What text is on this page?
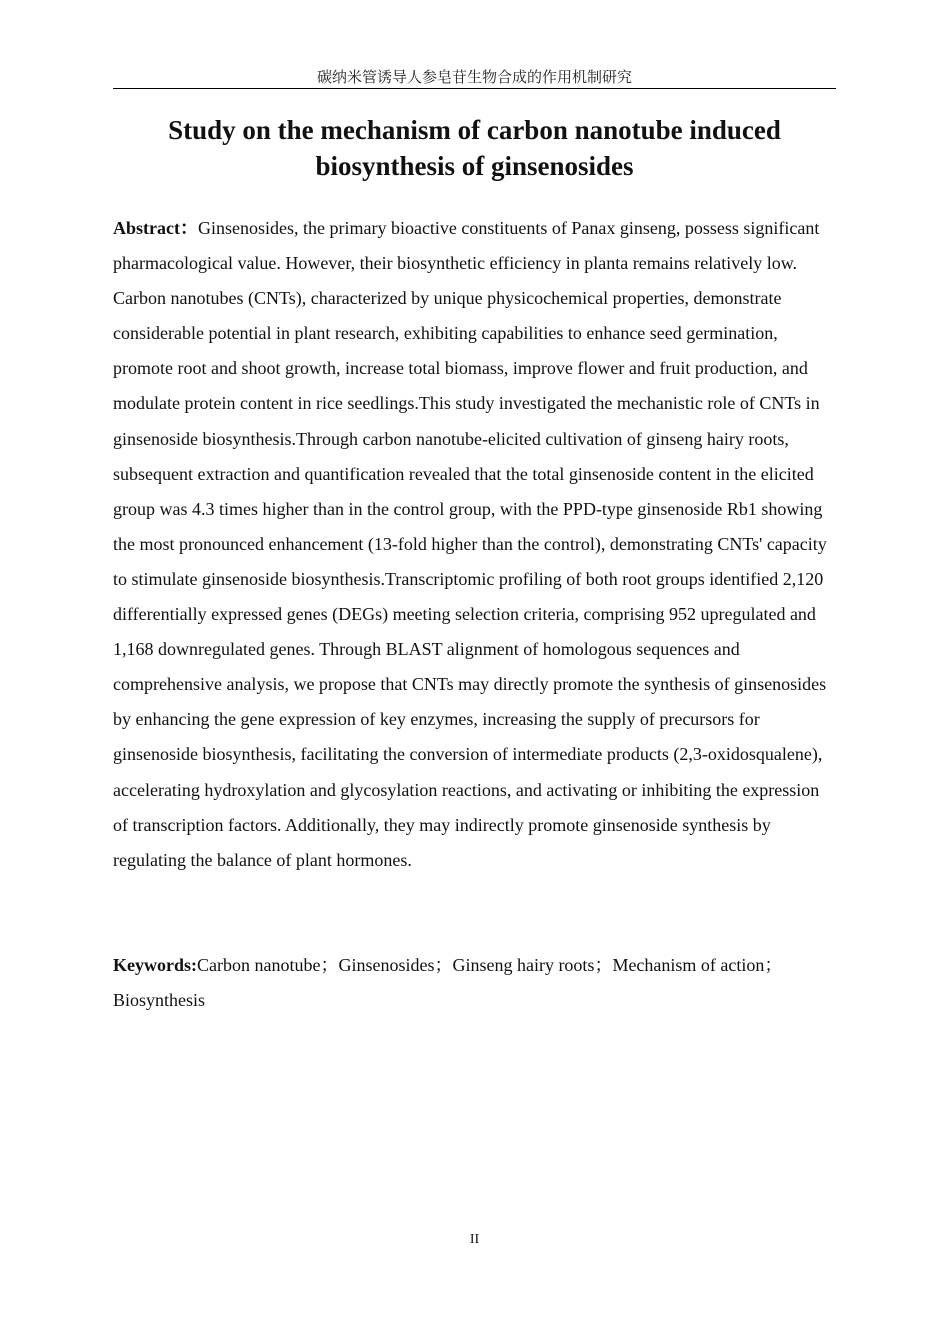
碳纳米管诱导人参皂苷生物合成的作用机制研究
Study on the mechanism of carbon nanotube induced
biosynthesis of ginsenosides

Abstract：Ginsenosides, the primary bioactive constituents of Panax ginseng, possess significant pharmacological value. However, their biosynthetic efficiency in planta remains relatively low. Carbon nanotubes (CNTs), characterized by unique physicochemical properties, demonstrate considerable potential in plant research, exhibiting capabilities to enhance seed germination, promote root and shoot growth, increase total biomass, improve flower and fruit production, and modulate protein content in rice seedlings.This study investigated the mechanistic role of CNTs in ginsenoside biosynthesis.Through carbon nanotube-elicited cultivation of ginseng hairy roots, subsequent extraction and quantification revealed that the total ginsenoside content in the elicited group was 4.3 times higher than in the control group, with the PPD-type ginsenoside Rb1 showing the most pronounced enhancement (13-fold higher than the control), demonstrating CNTs' capacity to stimulate ginsenoside biosynthesis.Transcriptomic profiling of both root groups identified 2,120 differentially expressed genes (DEGs) meeting selection criteria, comprising 952 upregulated and 1,168 downregulated genes. Through BLAST alignment of homologous sequences and comprehensive analysis, we propose that CNTs may directly promote the synthesis of ginsenosides by enhancing the gene expression of key enzymes, increasing the supply of precursors for ginsenoside biosynthesis, facilitating the conversion of intermediate products (2,3-oxidosqualene), accelerating hydroxylation and glycosylation reactions, and activating or inhibiting the expression of transcription factors. Additionally, they may indirectly promote ginsenoside synthesis by regulating the balance of plant hormones.

Keywords:Carbon nanotube；Ginsenosides；Ginseng hairy roots；Mechanism of action；Biosynthesis

II
